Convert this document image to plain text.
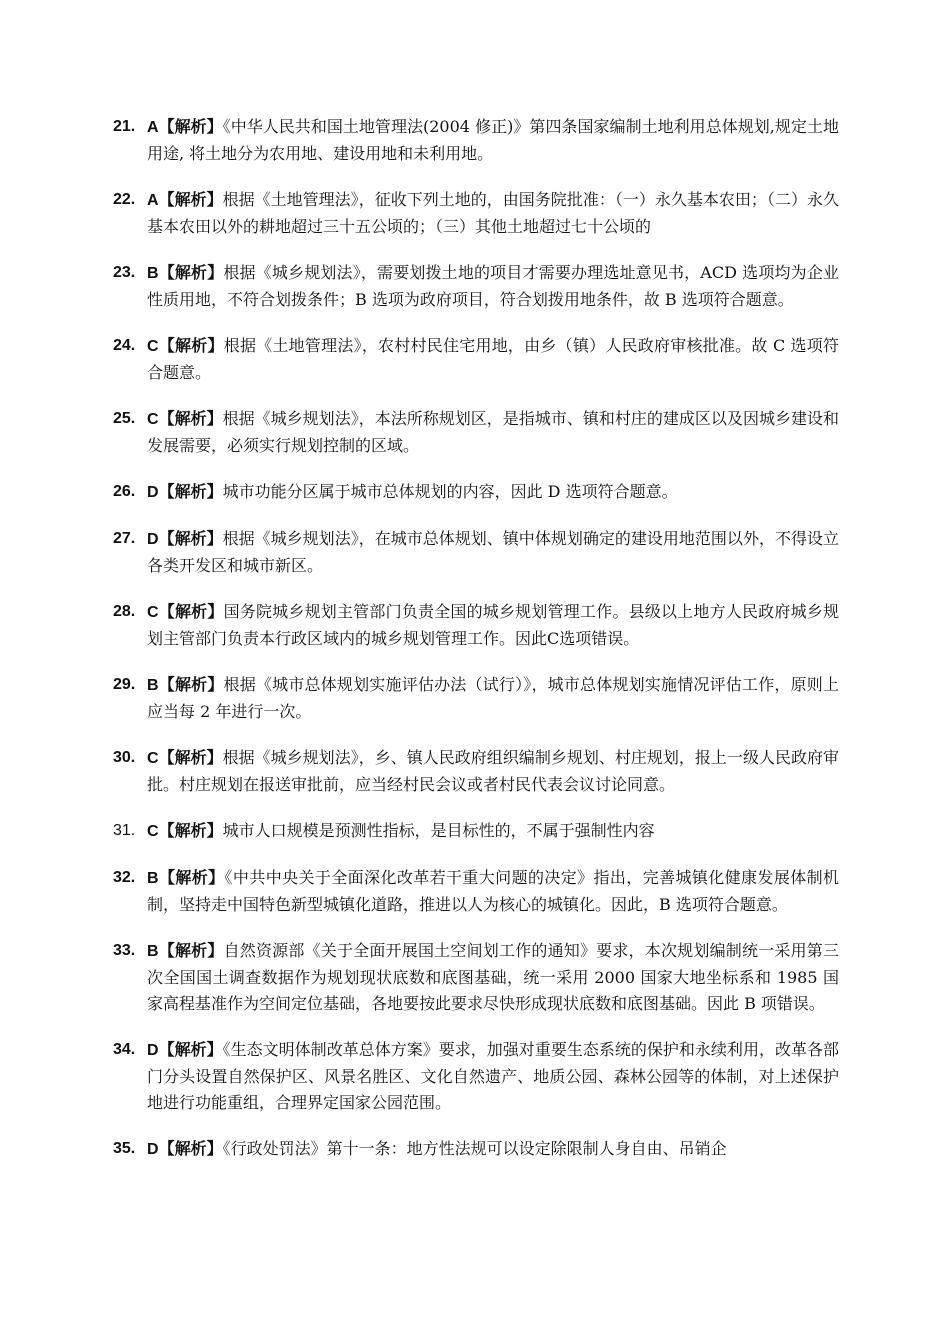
21. A【解析】《中华人民共和国土地管理法(2004 修正)》第四条国家编制土地利用总体规划,规定土地用途, 将土地分为农用地、建设用地和未利用地。

22. A【解析】根据《土地管理法》，征收下列土地的，由国务院批准：（一）永久基本农田；（二）永久基本农田以外的耕地超过三十五公顷的；（三）其他土地超过七十公顷的

23. B【解析】根据《城乡规划法》，需要划拨土地的项目才需要办理选址意见书，ACD 选项均为企业性质用地，不符合划拨条件；B 选项为政府项目，符合划拨用地条件，故 B 选项符合题意。

24. C【解析】根据《土地管理法》，农村村民住宅用地，由乡（镇）人民政府审核批准。故 C 选项符合题意。

25. C【解析】根据《城乡规划法》，本法所称规划区，是指城市、镇和村庄的建成区以及因城乡建设和发展需要，必须实行规划控制的区域。

26. D【解析】城市功能分区属于城市总体规划的内容，因此 D 选项符合题意。

27. D【解析】根据《城乡规划法》，在城市总体规划、镇中体规划确定的建设用地范围以外，不得设立各类开发区和城市新区。

28. C【解析】国务院城乡规划主管部门负责全国的城乡规划管理工作。县级以上地方人民政府城乡规划主管部门负责本行政区域内的城乡规划管理工作。因此C选项错误。

29. B【解析】根据《城市总体规划实施评估办法（试行）》，城市总体规划实施情况评估工作，原则上应当每 2 年进行一次。

30. C【解析】根据《城乡规划法》，乡、镇人民政府组织编制乡规划、村庄规划，报上一级人民政府审批。村庄规划在报送审批前，应当经村民会议或者村民代表会议讨论同意。

31. C【解析】城市人口规模是预测性指标，是目标性的，不属于强制性内容

32. B【解析】《中共中央关于全面深化改革若干重大问题的决定》指出，完善城镇化健康发展体制机制，坚持走中国特色新型城镇化道路，推进以人为核心的城镇化。因此，B 选项符合题意。

33. B【解析】自然资源部《关于全面开展国土空间划工作的通知》要求，本次规划编制统一采用第三次全国国土调查数据作为规划现状底数和底图基础，统一采用 2000 国家大地坐标系和 1985 国家高程基准作为空间定位基础，各地要按此要求尽快形成现状底数和底图基础。因此 B 项错误。

34. D【解析】《生态文明体制改革总体方案》要求，加强对重要生态系统的保护和永续利用，改革各部门分头设置自然保护区、风景名胜区、文化自然遗产、地质公园、森林公园等的体制，对上述保护地进行功能重组，合理界定国家公园范围。

35. D【解析】《行政处罚法》第十一条：地方性法规可以设定除限制人身自由、吊销企
